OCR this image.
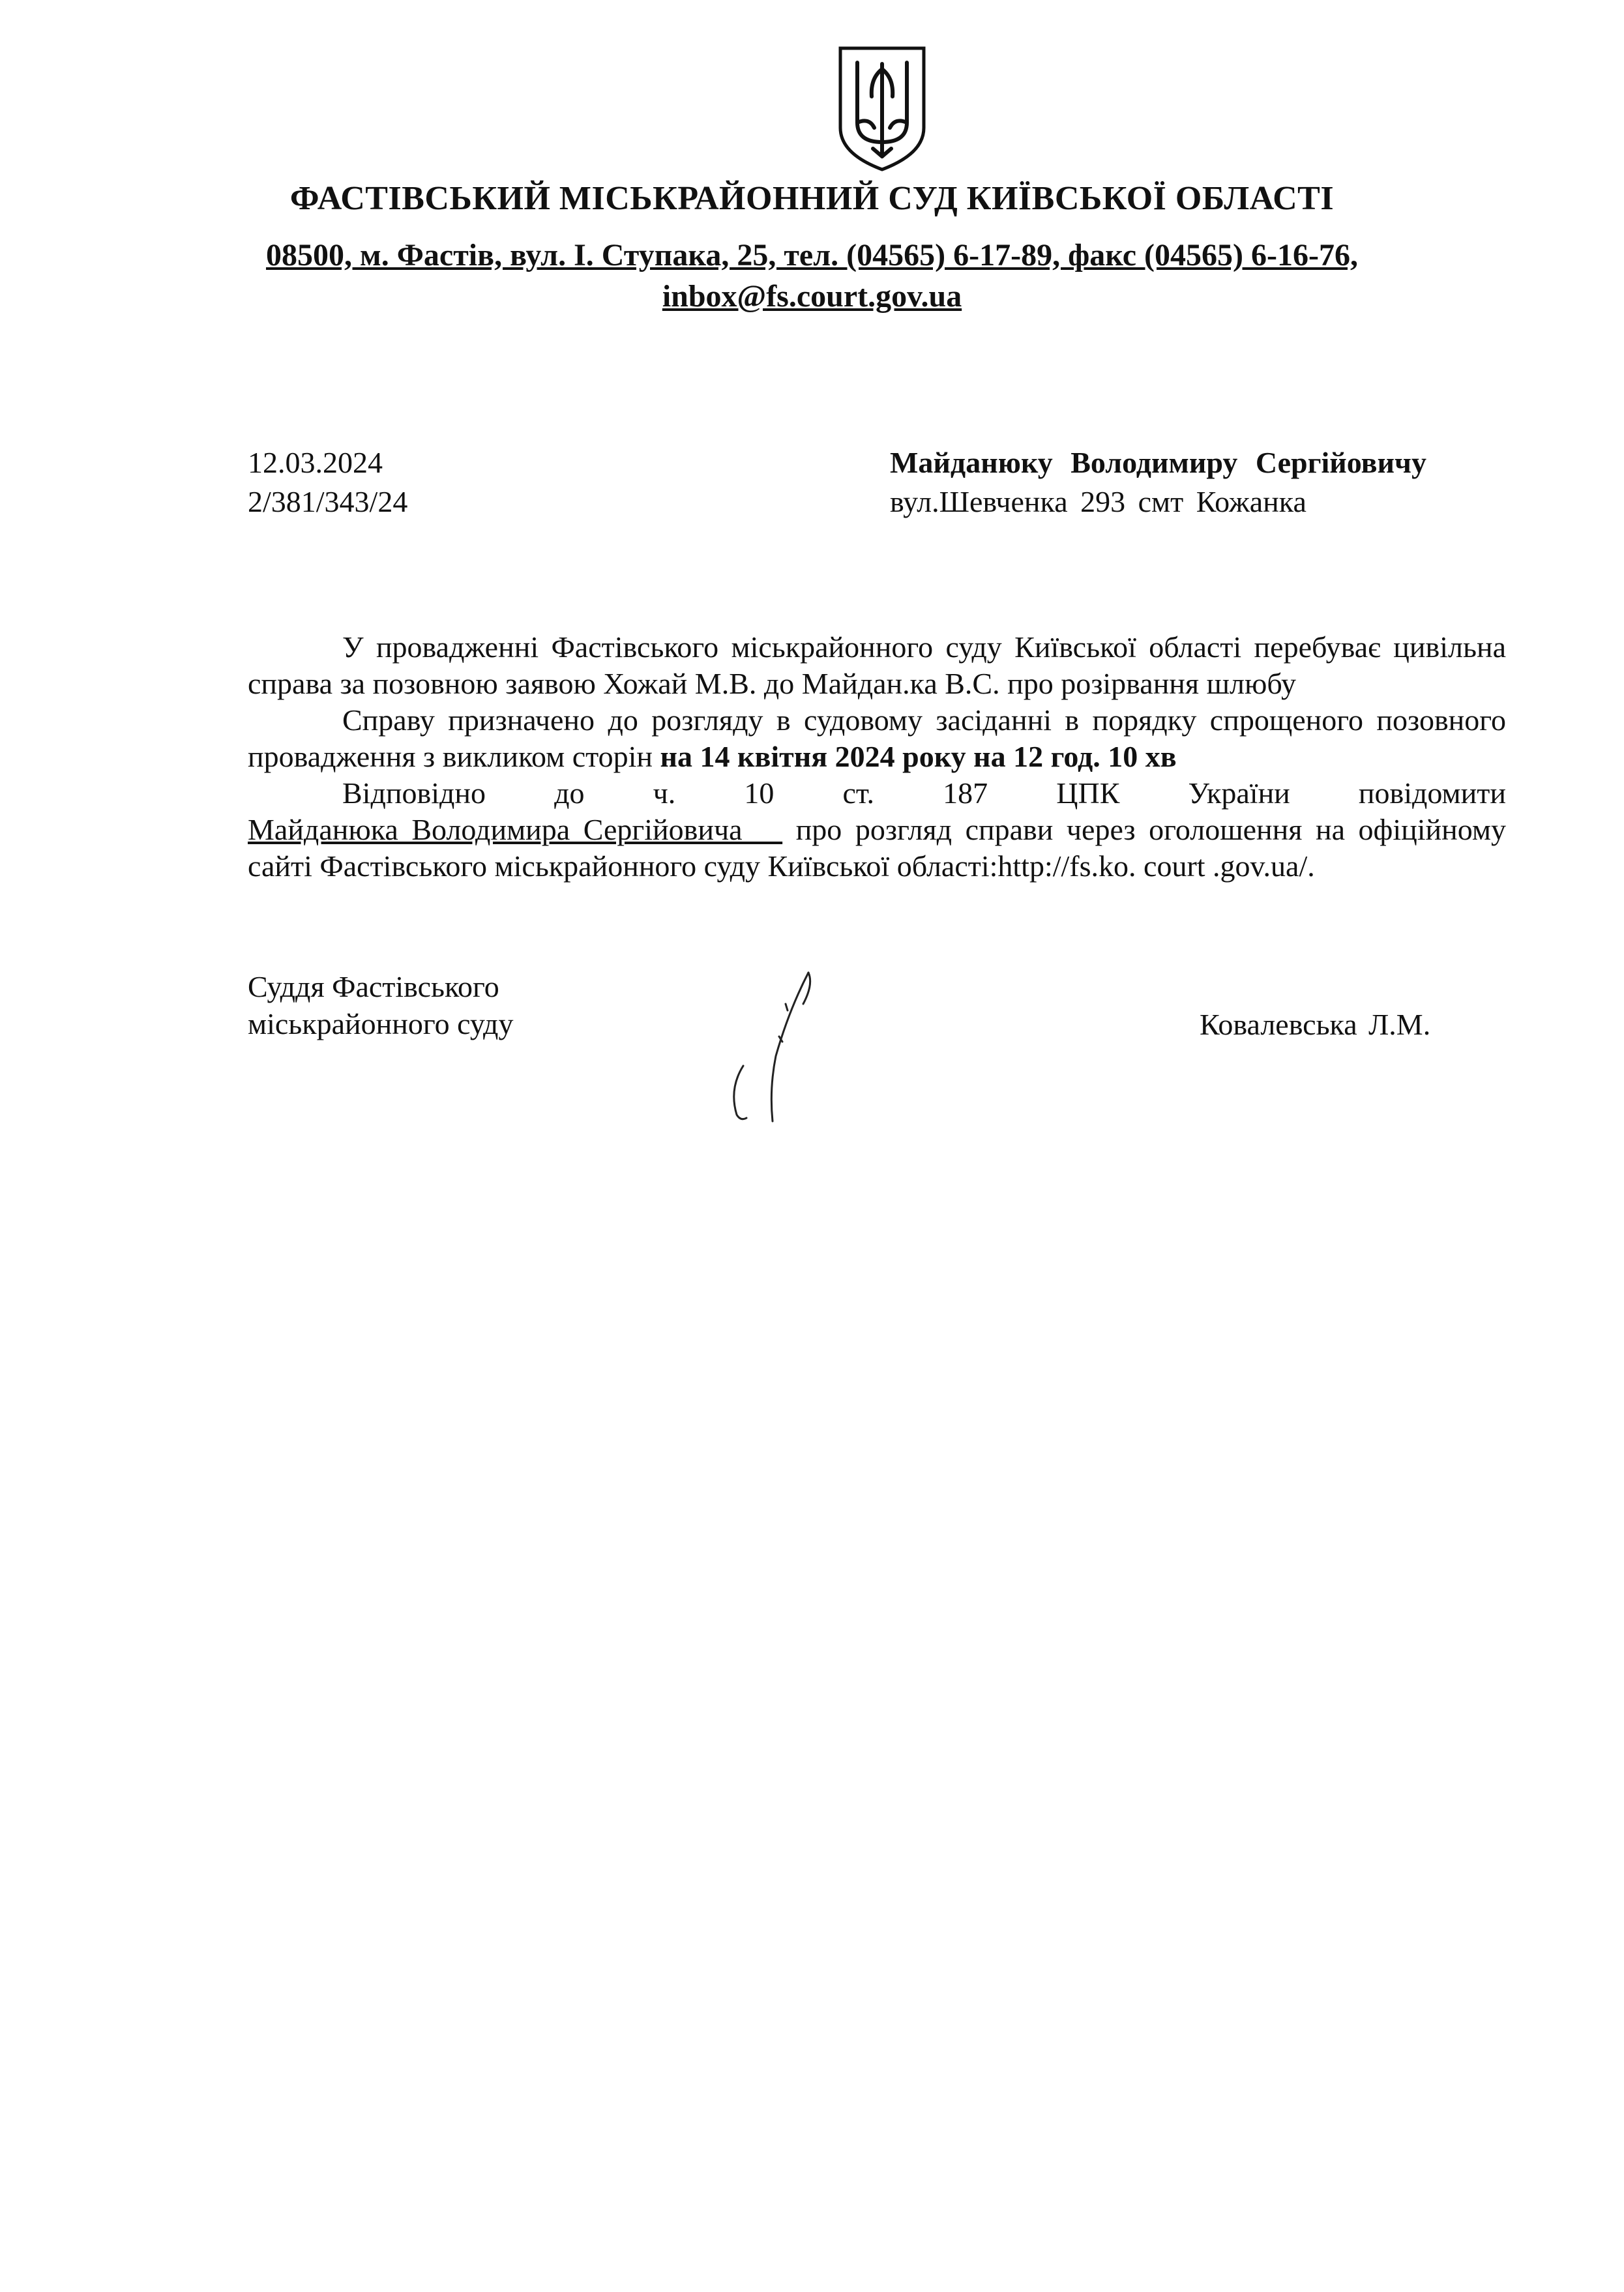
ФАСТІВСЬКИЙ МІСЬКРАЙОННИЙ СУД КИЇВСЬКОЇ ОБЛАСТІ
08500, м. Фастів, вул. І. Ступака, 25, тел. (04565) 6-17-89, факс (04565) 6-16-76,
inbox@fs.court.gov.ua
12.03.2024
2/381/343/24
Майданюку Володимиру Сергійовичу
вул.Шевченка 293 смт Кожанка

У провадженні Фастівського міськрайонного суду Київської області перебуває цивільна справа за позовною заявою Хожай М.В. до Майдан.ка В.С. про розірвання шлюбу

Справу призначено до розгляду в судовому засіданні в порядку спрощеного позовного провадження з викликом сторін на 14 квітня 2024 року на 12 год. 10 хв

Відповідно до ч. 10 ст. 187 ЦПК України повідомити Майданюка Володимира Сергійовича    про розгляд справи через оголошення на офіційному сайті Фастівського міськрайонного суду Київської області:http://fs.ko. court .gov.ua/.

Суддя Фастівського
міськрайонного суду	Ковалевська Л.М.
